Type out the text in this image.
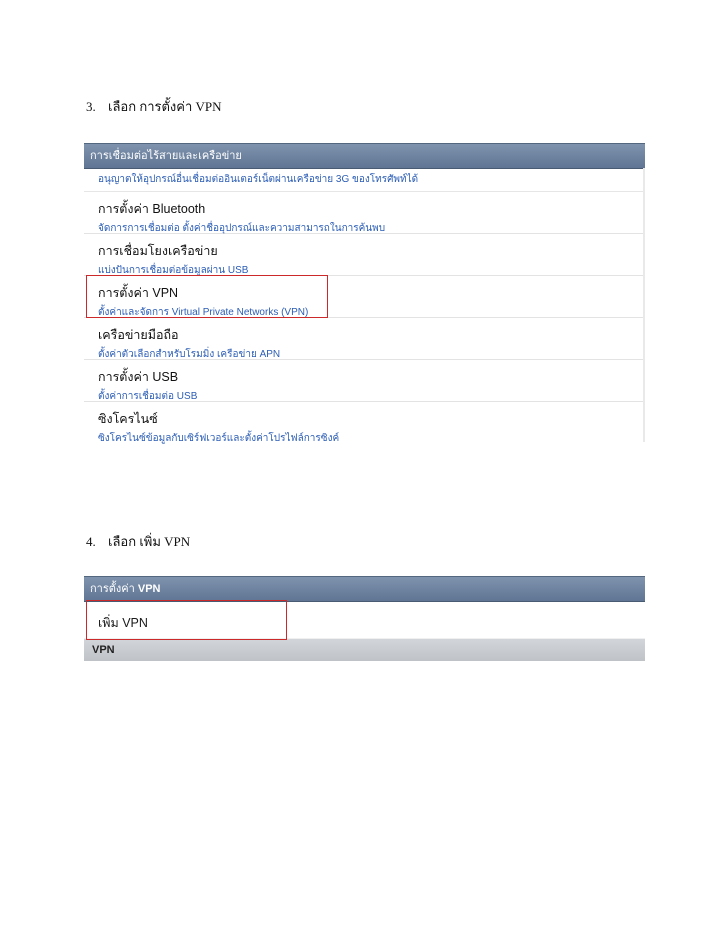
3. เลือก การตั้งค่า VPN
การเชื่อมต่อไร้สายและเครือข่าย
อนุญาตให้อุปกรณ์อื่นเชื่อมต่ออินเตอร์เน็ตผ่านเครือข่าย 3G ของโทรศัพท์ได้
การตั้งค่า Bluetooth
จัดการการเชื่อมต่อ ตั้งค่าชื่ออุปกรณ์และความสามารถในการค้นพบ
การเชื่อมโยงเครือข่าย
แบ่งปันการเชื่อมต่อข้อมูลผ่าน USB
การตั้งค่า VPN
ตั้งค่าและจัดการ Virtual Private Networks (VPN)
เครือข่ายมือถือ
ตั้งค่าตัวเลือกสำหรับโรมมิ่ง เครือข่าย APN
การตั้งค่า USB
ตั้งค่าการเชื่อมต่อ USB
ซิงโครไนซ์
ซิงโครไนซ์ข้อมูลกับเซิร์ฟเวอร์และตั้งค่าโปรไฟล์การซิงค์
4. เลือก เพิ่ม VPN
การตั้งค่า VPN
เพิ่ม VPN
VPN
